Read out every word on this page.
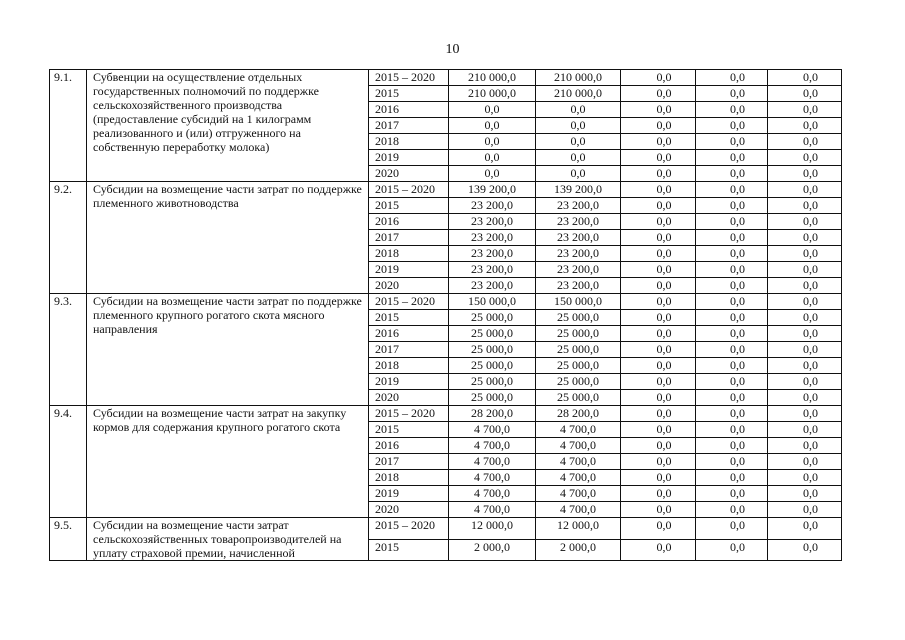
10
9.1.	Субвенции на осуществление отдельных государственных полномочий по поддержке сельскохозяйственного производства (предоставление субсидий на 1 килограмм реализованного и (или) отгруженного на собственную переработку молока)	2015 – 2020	210 000,0	210 000,0	0,0	0,0	0,0
		2015	210 000,0	210 000,0	0,0	0,0	0,0
		2016	0,0	0,0	0,0	0,0	0,0
		2017	0,0	0,0	0,0	0,0	0,0
		2018	0,0	0,0	0,0	0,0	0,0
		2019	0,0	0,0	0,0	0,0	0,0
		2020	0,0	0,0	0,0	0,0	0,0
9.2.	Субсидии на возмещение части затрат по поддержке племенного животноводства	2015 – 2020	139 200,0	139 200,0	0,0	0,0	0,0
		2015	23 200,0	23 200,0	0,0	0,0	0,0
		2016	23 200,0	23 200,0	0,0	0,0	0,0
		2017	23 200,0	23 200,0	0,0	0,0	0,0
		2018	23 200,0	23 200,0	0,0	0,0	0,0
		2019	23 200,0	23 200,0	0,0	0,0	0,0
		2020	23 200,0	23 200,0	0,0	0,0	0,0
9.3.	Субсидии на возмещение части затрат по поддержке племенного крупного рогатого скота мясного направления	2015 – 2020	150 000,0	150 000,0	0,0	0,0	0,0
		2015	25 000,0	25 000,0	0,0	0,0	0,0
		2016	25 000,0	25 000,0	0,0	0,0	0,0
		2017	25 000,0	25 000,0	0,0	0,0	0,0
		2018	25 000,0	25 000,0	0,0	0,0	0,0
		2019	25 000,0	25 000,0	0,0	0,0	0,0
		2020	25 000,0	25 000,0	0,0	0,0	0,0
9.4.	Субсидии на возмещение части затрат на закупку кормов для содержания крупного рогатого скота	2015 – 2020	28 200,0	28 200,0	0,0	0,0	0,0
		2015	4 700,0	4 700,0	0,0	0,0	0,0
		2016	4 700,0	4 700,0	0,0	0,0	0,0
		2017	4 700,0	4 700,0	0,0	0,0	0,0
		2018	4 700,0	4 700,0	0,0	0,0	0,0
		2019	4 700,0	4 700,0	0,0	0,0	0,0
		2020	4 700,0	4 700,0	0,0	0,0	0,0
9.5.	Субсидии на возмещение части затрат сельскохозяйственных товаропроизводителей на уплату страховой премии, начисленной	2015 – 2020	12 000,0	12 000,0	0,0	0,0	0,0
		2015	2 000,0	2 000,0	0,0	0,0	0,0
